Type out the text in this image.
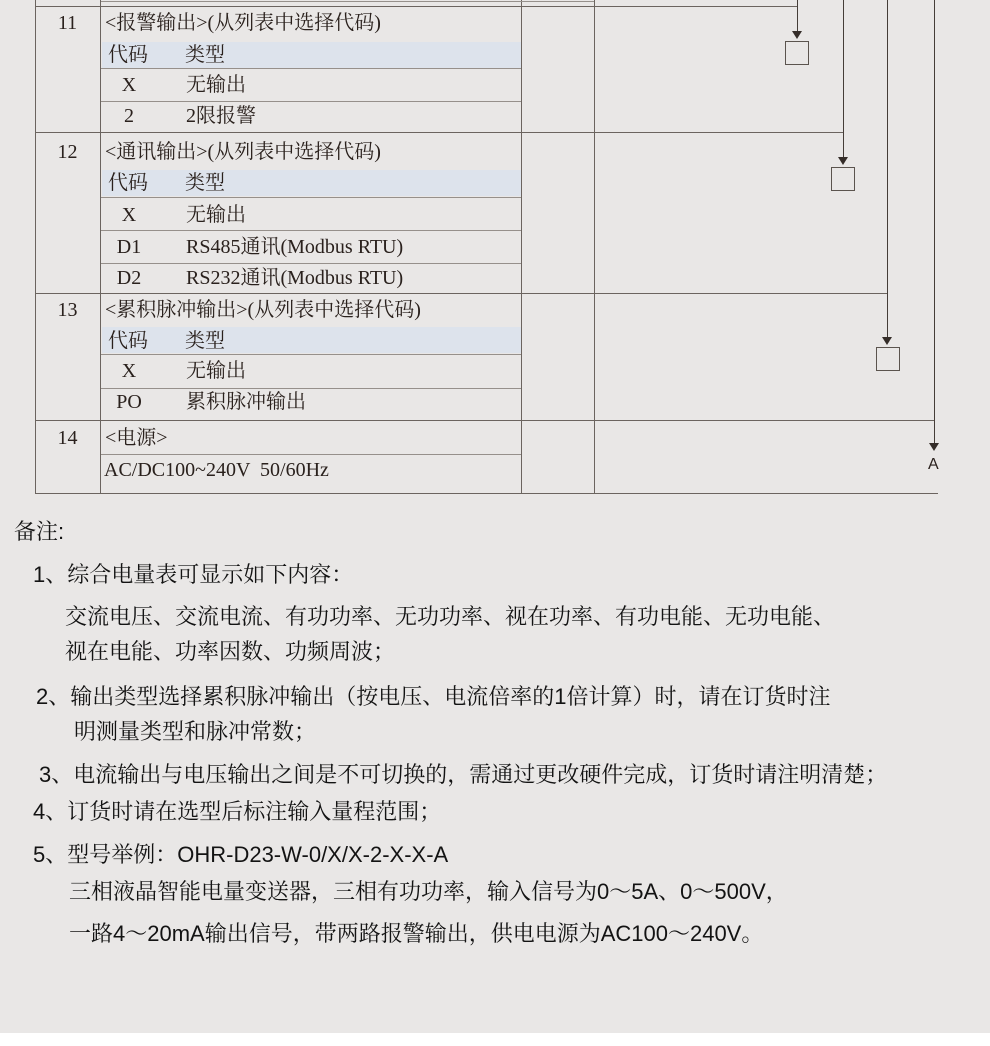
A
11	<报警输出>(从列表中选择代码)
代码 类型
X	无输出
2	2限报警
12	<通讯输出>(从列表中选择代码)
代码 类型
X	无输出
D1	RS485通讯(Modbus RTU)
D2	RS232通讯(Modbus RTU)
13	<累积脉冲输出>(从列表中选择代码)
代码 类型
X	无输出
PO	累积脉冲输出
14	<电源>
AC/DC100~240V  50/60Hz
备注:
1、综合电量表可显示如下内容：
交流电压、交流电流、有功功率、无功功率、视在功率、有功电能、无功电能、
视在电能、功率因数、功频周波；
2、输出类型选择累积脉冲输出（按电压、电流倍率的1倍计算）时，请在订货时注
明测量类型和脉冲常数；
3、电流输出与电压输出之间是不可切换的，需通过更改硬件完成，订货时请注明清楚；
4、订货时请在选型后标注输入量程范围；
5、型号举例：OHR-D23-W-0/X/X-2-X-X-A
三相液晶智能电量变送器，三相有功功率，输入信号为0～5A、0～500V，
一路4～20mA输出信号，带两路报警输出，供电电源为AC100～240V。
